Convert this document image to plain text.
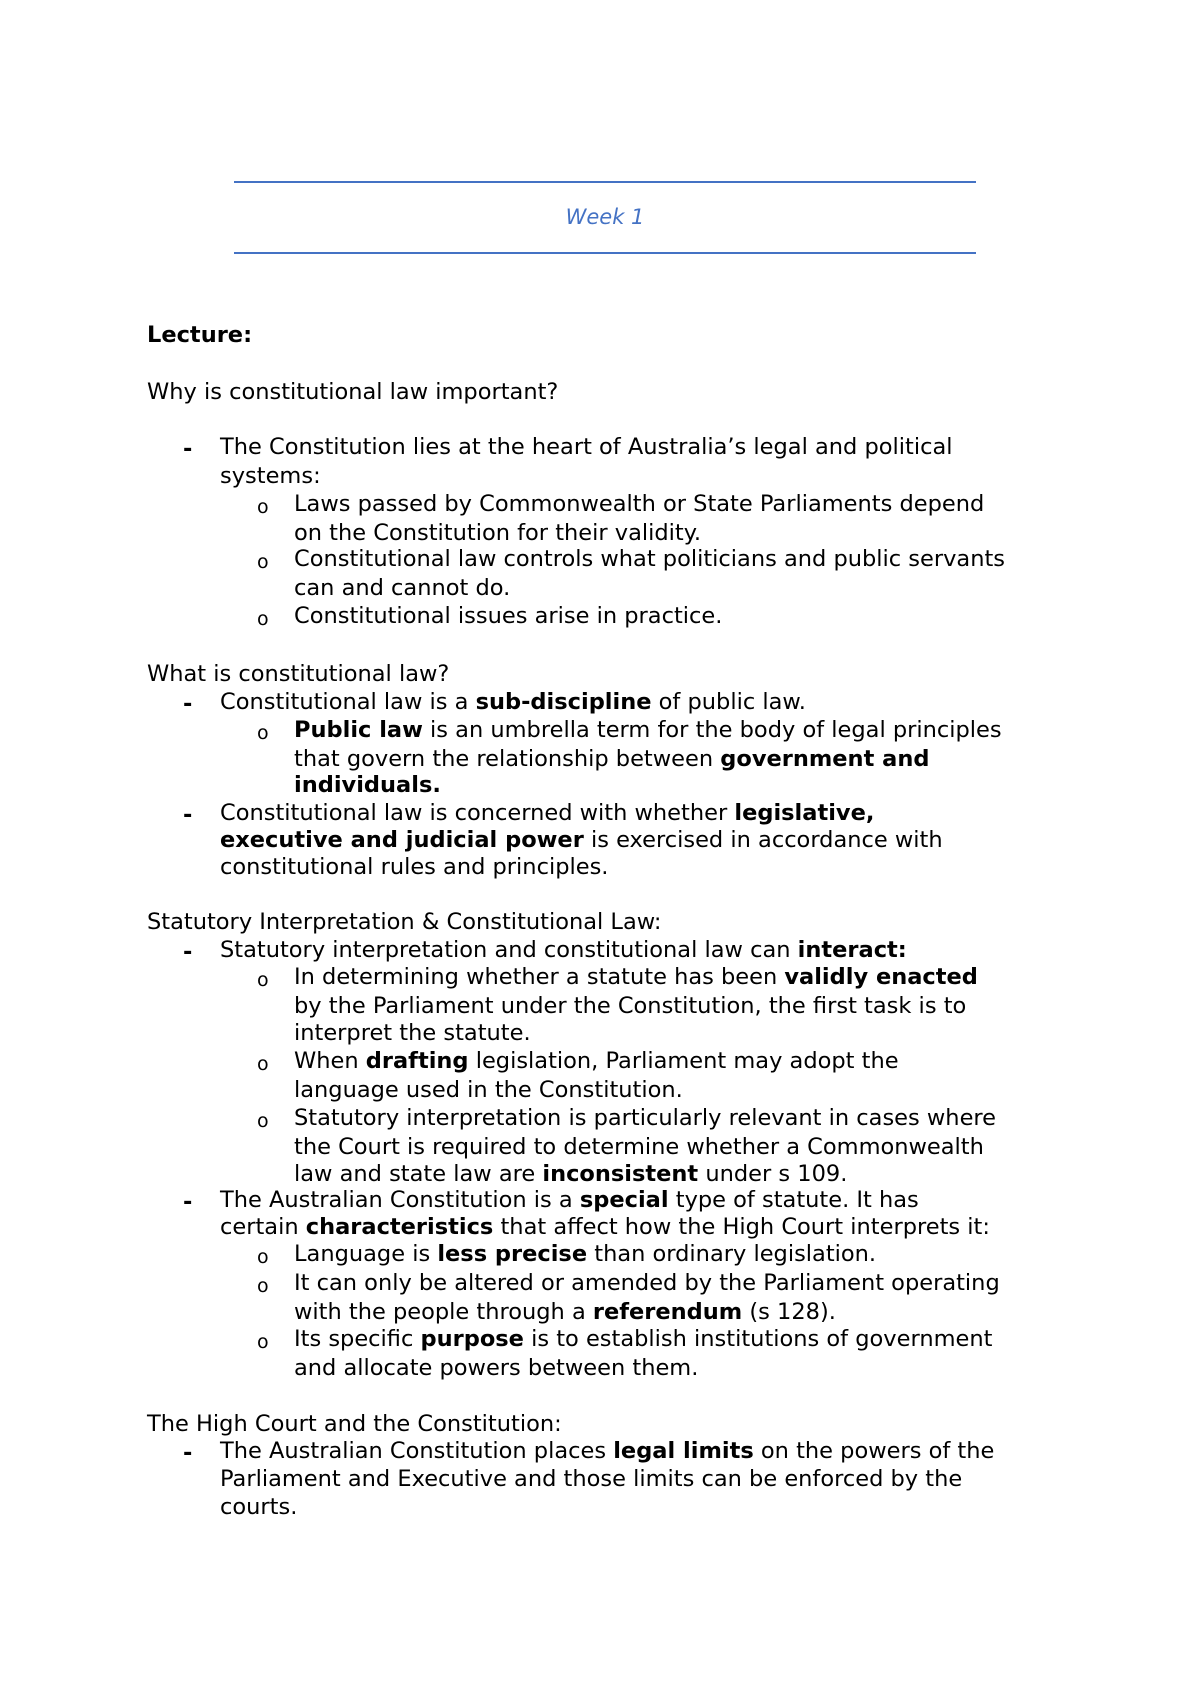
Week 1
Lecture:
Why is constitutional law important?
- The Constitution lies at the heart of Australia’s legal and political
systems:
o Laws passed by Commonwealth or State Parliaments depend
on the Constitution for their validity.
o Constitutional law controls what politicians and public servants
can and cannot do.
o Constitutional issues arise in practice.
What is constitutional law?
- Constitutional law is a sub-discipline of public law.
o Public law is an umbrella term for the body of legal principles
that govern the relationship between government and
individuals.
- Constitutional law is concerned with whether legislative,
executive and judicial power is exercised in accordance with
constitutional rules and principles.
Statutory Interpretation & Constitutional Law:
- Statutory interpretation and constitutional law can interact:
o In determining whether a statute has been validly enacted
by the Parliament under the Constitution, the first task is to
interpret the statute.
o When drafting legislation, Parliament may adopt the
language used in the Constitution.
o Statutory interpretation is particularly relevant in cases where
the Court is required to determine whether a Commonwealth
law and state law are inconsistent under s 109.
- The Australian Constitution is a special type of statute. It has
certain characteristics that affect how the High Court interprets it:
o Language is less precise than ordinary legislation.
o It can only be altered or amended by the Parliament operating
with the people through a referendum (s 128).
o Its specific purpose is to establish institutions of government
and allocate powers between them.
The High Court and the Constitution:
- The Australian Constitution places legal limits on the powers of the
Parliament and Executive and those limits can be enforced by the
courts.
